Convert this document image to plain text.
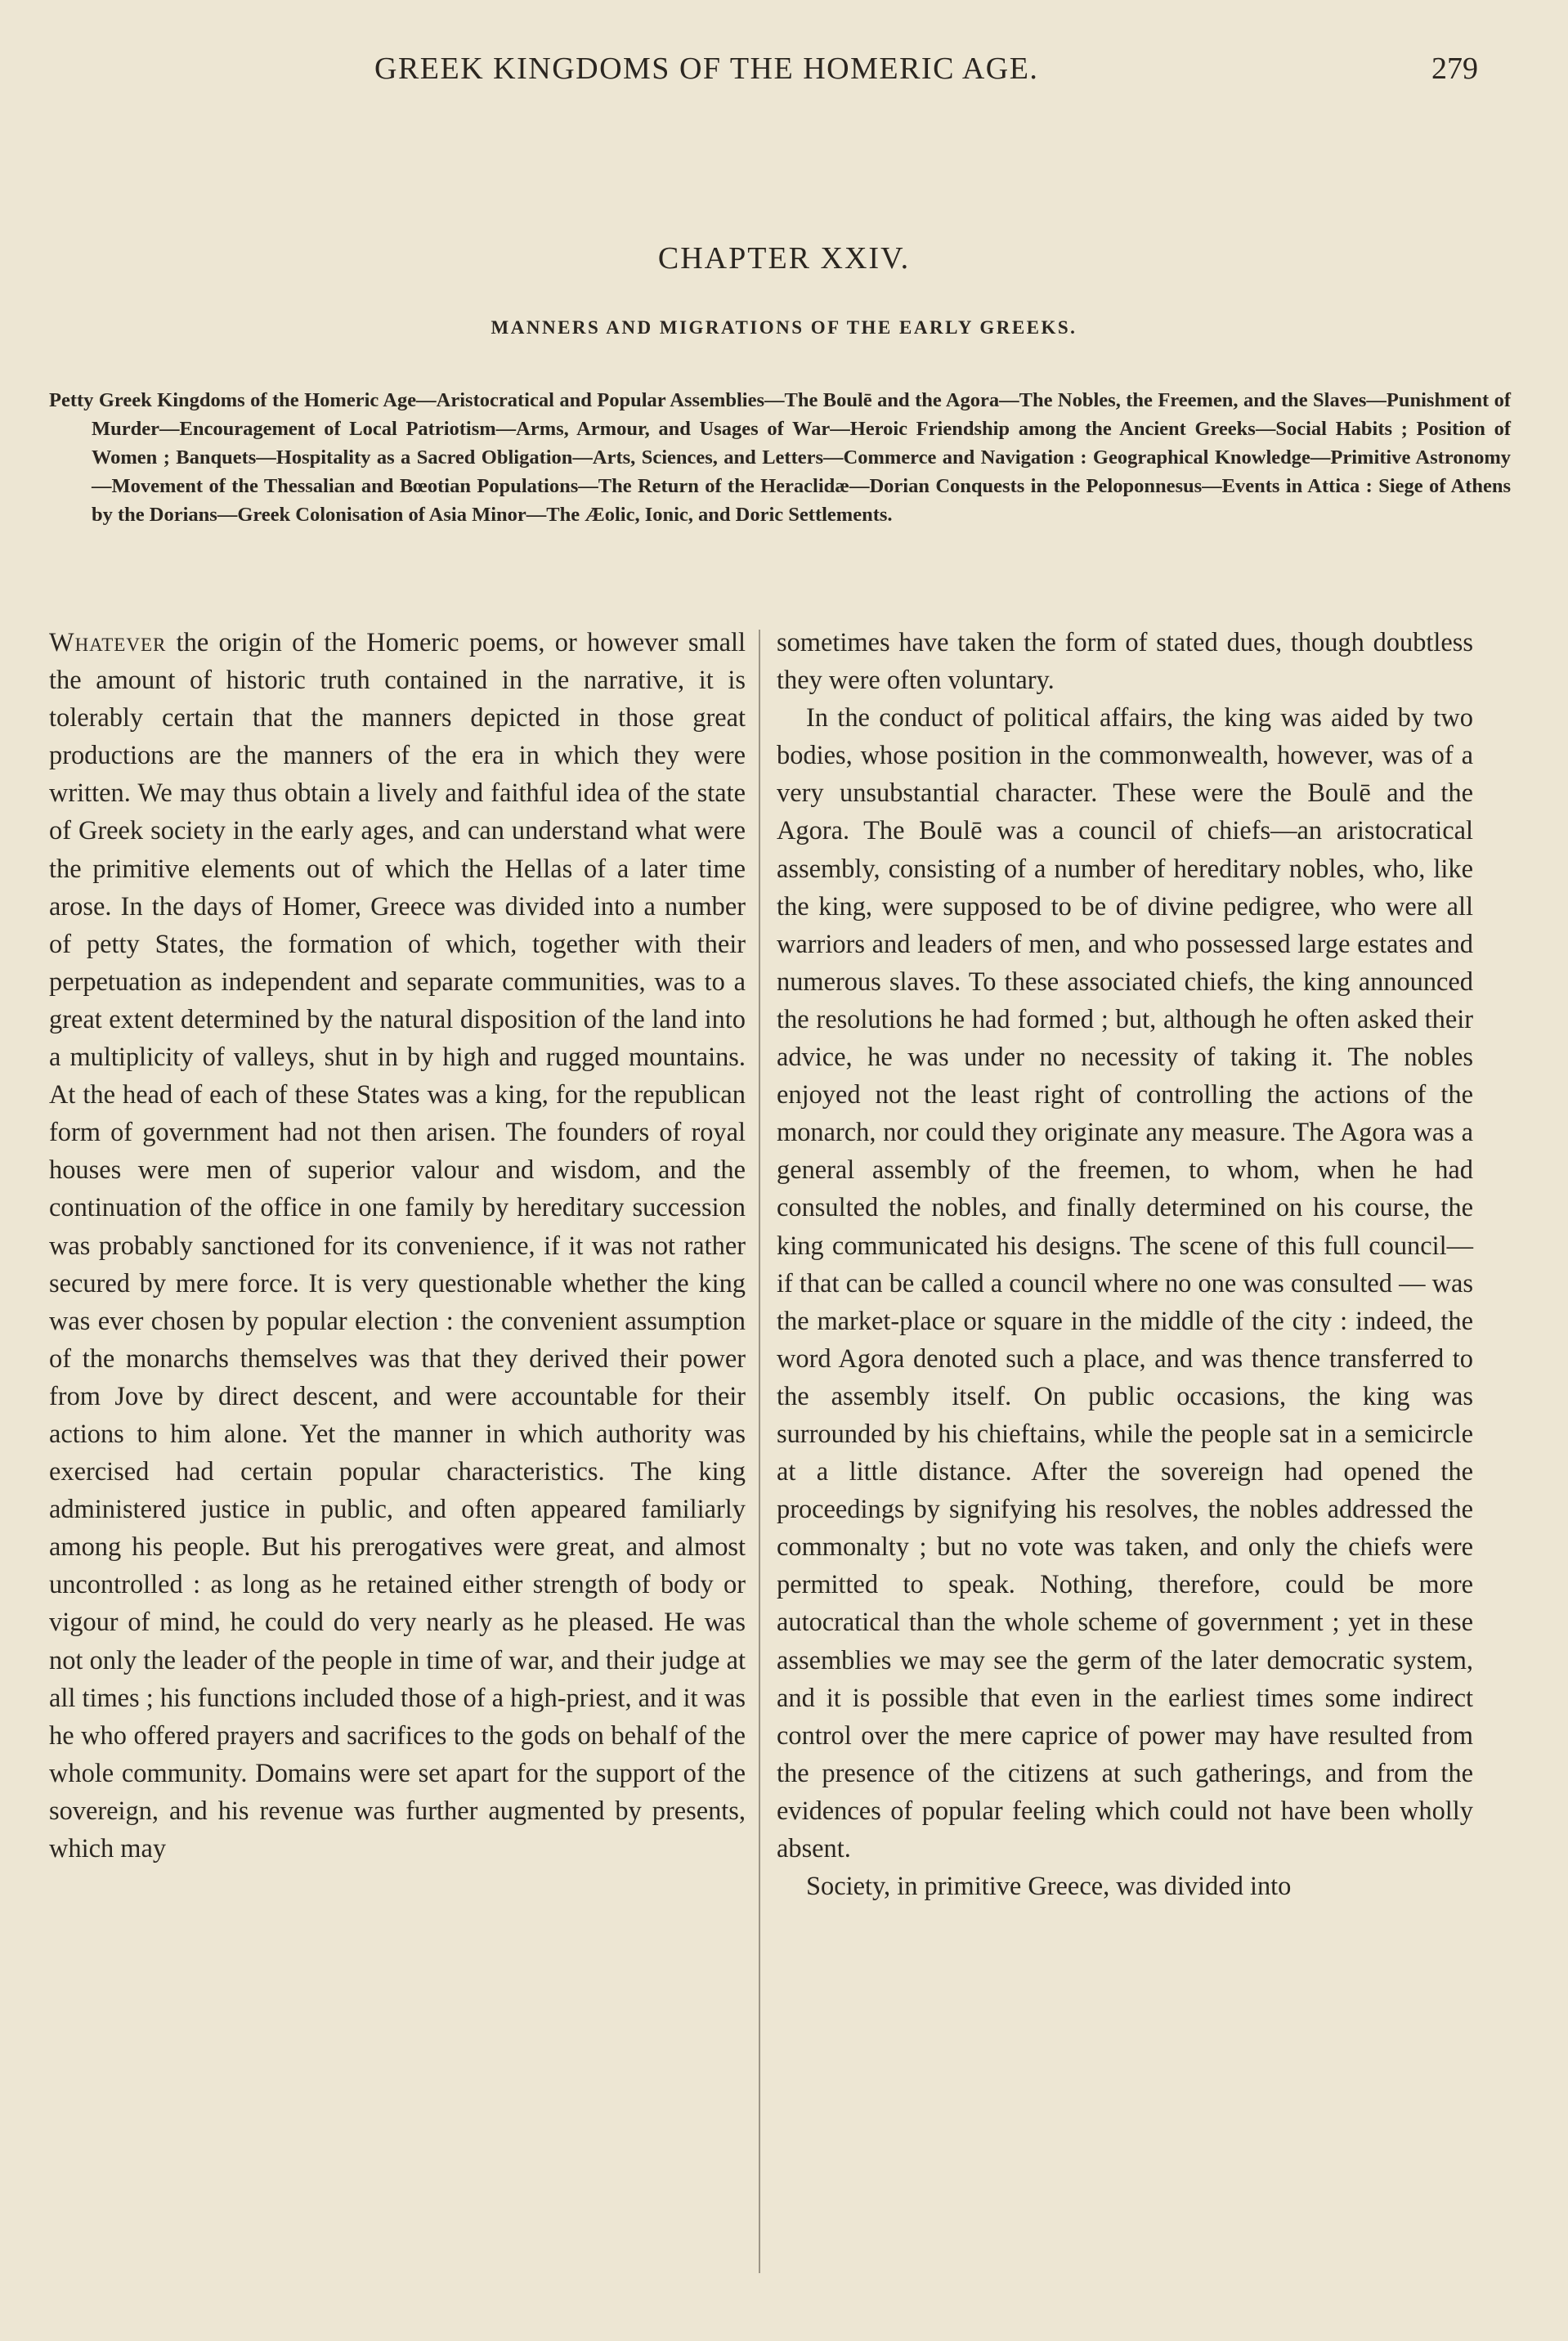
GREEK KINGDOMS OF THE HOMERIC AGE.	279
CHAPTER XXIV.
MANNERS AND MIGRATIONS OF THE EARLY GREEKS.
Petty Greek Kingdoms of the Homeric Age—Aristocratical and Popular Assemblies—The Boulē and the Agora—The Nobles, the Freemen, and the Slaves—Punishment of Murder—Encouragement of Local Patriotism—Arms, Armour, and Usages of War—Heroic Friendship among the Ancient Greeks—Social Habits ; Position of Women ; Banquets—Hospitality as a Sacred Obligation—Arts, Sciences, and Letters—Commerce and Navigation : Geographical Knowledge—Primitive Astronomy—Movement of the Thessalian and Bœotian Populations—The Return of the Heraclidæ—Dorian Conquests in the Peloponnesus—Events in Attica : Siege of Athens by the Dorians—Greek Colonisation of Asia Minor—The Æolic, Ionic, and Doric Settlements.

Whatever the origin of the Homeric poems, or however small the amount of historic truth contained in the narrative, it is tolerably certain that the manners depicted in those great productions are the manners of the era in which they were written. We may thus obtain a lively and faithful idea of the state of Greek society in the early ages, and can understand what were the primitive elements out of which the Hellas of a later time arose. In the days of Homer, Greece was divided into a number of petty States, the formation of which, together with their perpetuation as independent and separate communities, was to a great extent determined by the natural disposition of the land into a multiplicity of valleys, shut in by high and rugged mountains. At the head of each of these States was a king, for the republican form of government had not then arisen. The founders of royal houses were men of superior valour and wisdom, and the continuation of the office in one family by hereditary succession was probably sanctioned for its convenience, if it was not rather secured by mere force. It is very questionable whether the king was ever chosen by popular election : the convenient assumption of the monarchs themselves was that they derived their power from Jove by direct descent, and were accountable for their actions to him alone. Yet the manner in which authority was exercised had certain popular characteristics. The king administered justice in public, and often appeared familiarly among his people. But his prerogatives were great, and almost uncontrolled : as long as he retained either strength of body or vigour of mind, he could do very nearly as he pleased. He was not only the leader of the people in time of war, and their judge at all times ; his functions included those of a high-priest, and it was he who offered prayers and sacrifices to the gods on behalf of the whole community. Domains were set apart for the support of the sovereign, and his revenue was further augmented by presents, which may

sometimes have taken the form of stated dues, though doubtless they were often voluntary.

In the conduct of political affairs, the king was aided by two bodies, whose position in the commonwealth, however, was of a very unsubstantial character. These were the Boulē and the Agora. The Boulē was a council of chiefs—an aristocratical assembly, consisting of a number of hereditary nobles, who, like the king, were supposed to be of divine pedigree, who were all warriors and leaders of men, and who possessed large estates and numerous slaves. To these associated chiefs, the king announced the resolutions he had formed ; but, although he often asked their advice, he was under no necessity of taking it. The nobles enjoyed not the least right of controlling the actions of the monarch, nor could they originate any measure. The Agora was a general assembly of the freemen, to whom, when he had consulted the nobles, and finally determined on his course, the king communicated his designs. The scene of this full council—if that can be called a council where no one was consulted — was the market-place or square in the middle of the city : indeed, the word Agora denoted such a place, and was thence transferred to the assembly itself. On public occasions, the king was surrounded by his chieftains, while the people sat in a semicircle at a little distance. After the sovereign had opened the proceedings by signifying his resolves, the nobles addressed the commonalty ; but no vote was taken, and only the chiefs were permitted to speak. Nothing, therefore, could be more autocratical than the whole scheme of government ; yet in these assemblies we may see the germ of the later democratic system, and it is possible that even in the earliest times some indirect control over the mere caprice of power may have resulted from the presence of the citizens at such gatherings, and from the evidences of popular feeling which could not have been wholly absent.

Society, in primitive Greece, was divided into
